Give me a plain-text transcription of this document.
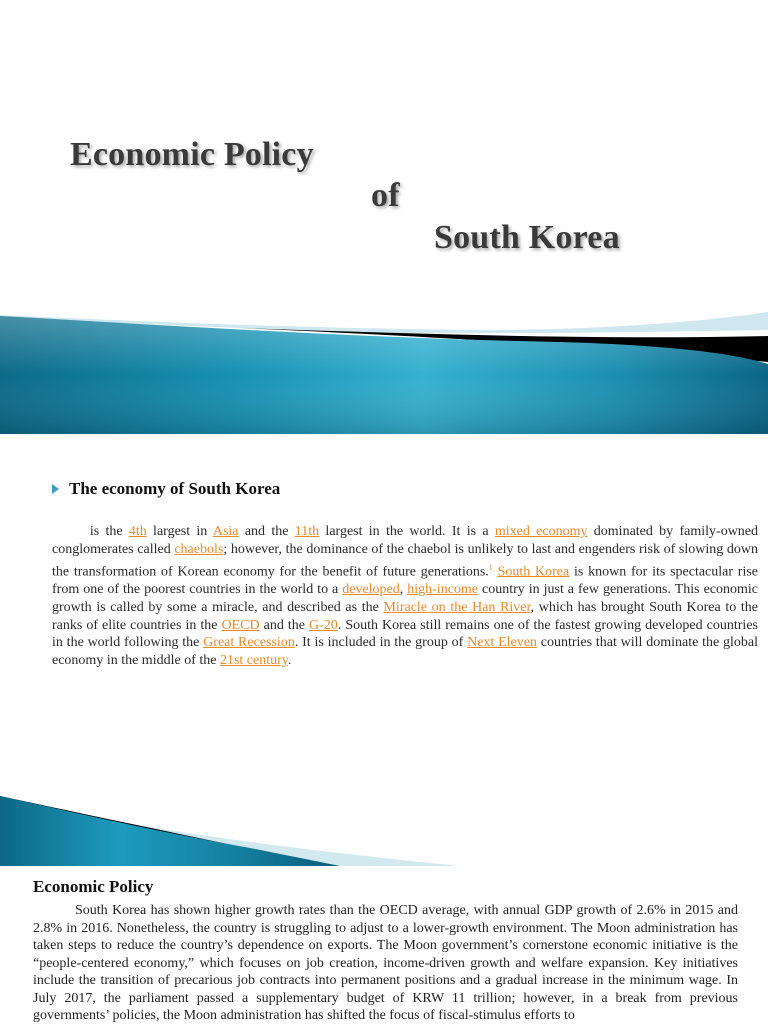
Economic Policy
of
South Korea
The economy of South Korea

is the 4th largest in Asia and the 11th largest in the world. It is a mixed economy dominated by family-owned conglomerates called chaebols; however, the dominance of the chaebol is unlikely to last and engenders risk of slowing down the transformation of Korean economy for the benefit of future generations.$^1$ South Korea is known for its spectacular rise from one of the poorest countries in the world to a developed, high-income country in just a few generations. This economic growth is called by some a miracle, and described as the Miracle on the Han River, which has brought South Korea to the ranks of elite countries in the OECD and the G-20. South Korea still remains one of the fastest growing developed countries in the world following the Great Recession. It is included in the group of Next Eleven countries that will dominate the global economy in the middle of the 21st century.

Economic Policy

South Korea has shown higher growth rates than the OECD average, with annual GDP growth of 2.6% in 2015 and 2.8% in 2016. Nonetheless, the country is struggling to adjust to a lower-growth environment. The Moon administration has taken steps to reduce the country’s dependence on exports. The Moon government’s cornerstone economic initiative is the “people-centered economy,” which focuses on job creation, income-driven growth and welfare expansion. Key initiatives include the transition of precarious job contracts into permanent positions and a gradual increase in the minimum wage. In July 2017, the parliament passed a supplementary budget of KRW 11 trillion; however, in a break from previous governments’ policies, the Moon administration has shifted the focus of fiscal-stimulus efforts to
